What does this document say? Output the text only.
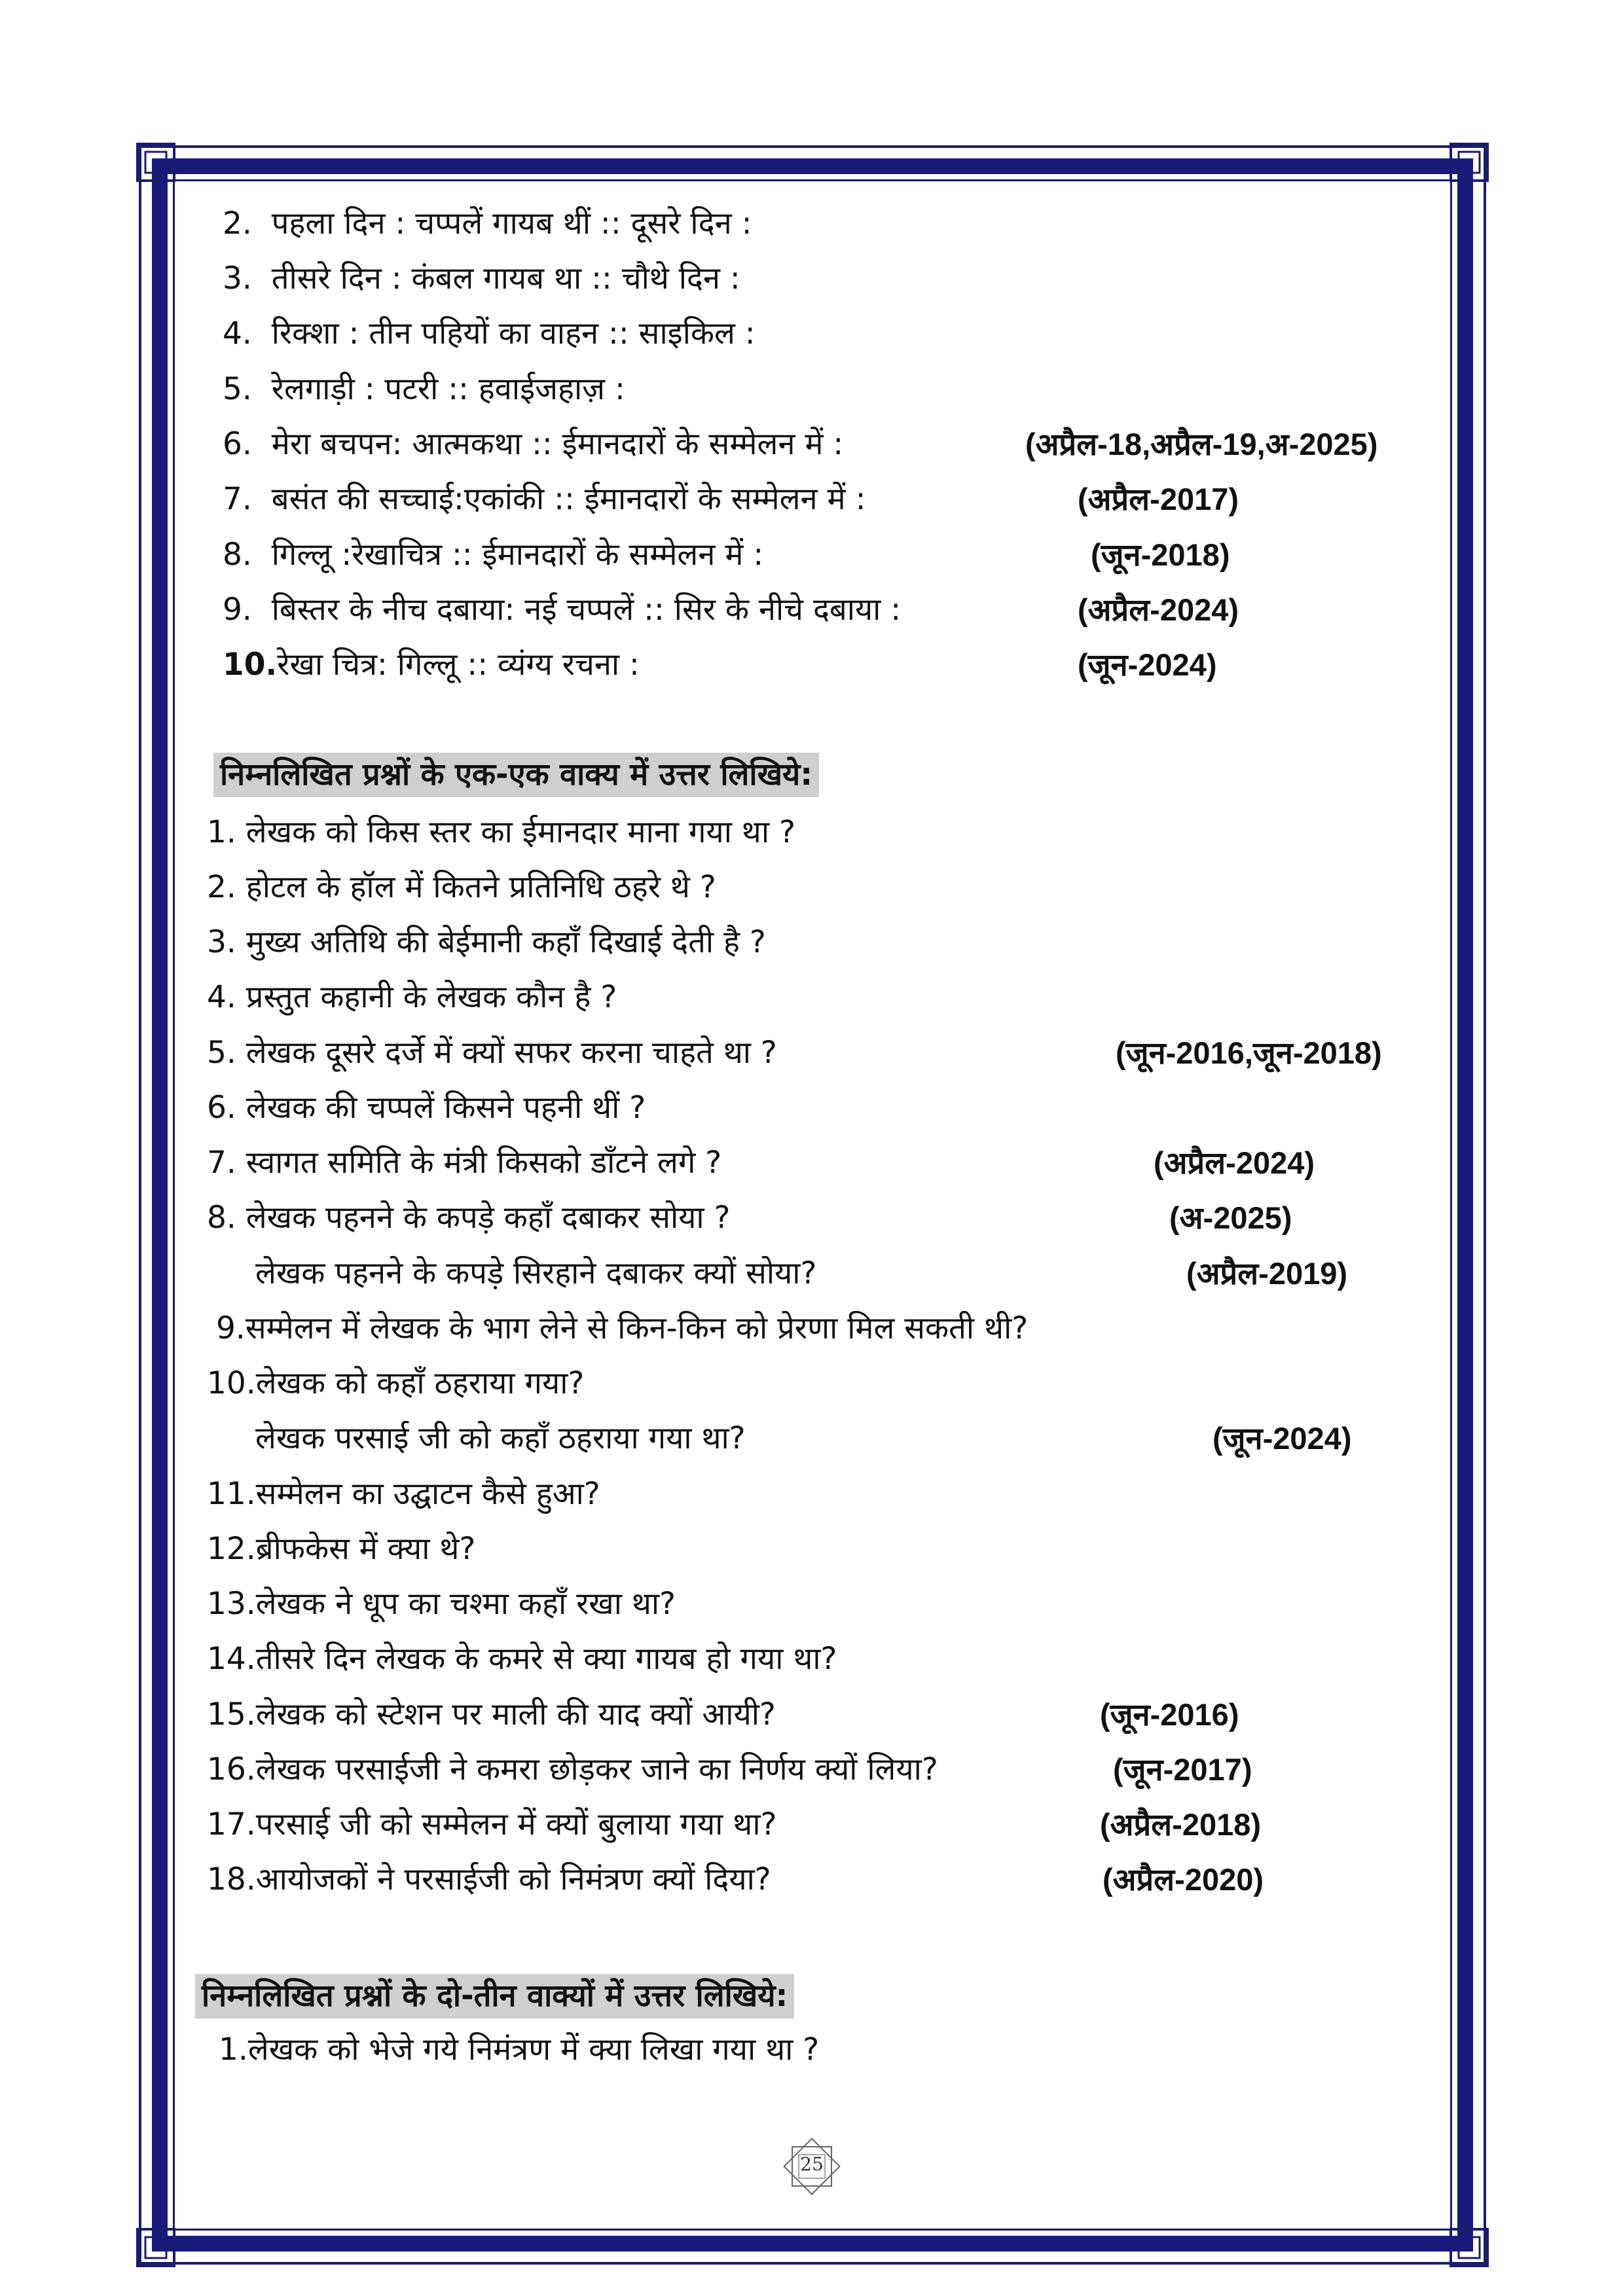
2. पहला दिन : चप्पलें गायब थीं :: दूसरे दिन :
3. तीसरे दिन : कंबल गायब था :: चौथे दिन :
4. रिक्शा : तीन पहियों का वाहन :: साइकिल :
5. रेलगाड़ी : पटरी :: हवाईजहाज़ :
6. मेरा बचपन: आत्मकथा :: ईमानदारों के सम्मेलन में :	(अप्रैल-18,अप्रैल-19,अ-2025)
7. बसंत की सच्चाई:एकांकी :: ईमानदारों के सम्मेलन में :	(अप्रैल-2017)
8. गिल्लू :रेखाचित्र :: ईमानदारों के सम्मेलन में :	(जून-2018)
9. बिस्तर के नीच दबाया: नई चप्पलें :: सिर के नीचे दबाया :	(अप्रैल-2024)
10.रेखा चित्र: गिल्लू :: व्यंग्य रचना :	(जून-2024)
निम्नलिखित प्रश्नों के एक-एक वाक्य में उत्तर लिखिये:
1. लेखक को किस स्तर का ईमानदार माना गया था ?
2. होटल के हॉल में कितने प्रतिनिधि ठहरे थे ?
3. मुख्य अतिथि की बेईमानी कहाँ दिखाई देती है ?
4. प्रस्तुत कहानी के लेखक कौन है ?
5. लेखक दूसरे दर्जे में क्यों सफर करना चाहते था ?	(जून-2016,जून-2018)
6. लेखक की चप्पलें किसने पहनी थीं ?
7. स्वागत समिति के मंत्री किसको डाँटने लगे ?	(अप्रैल-2024)
8. लेखक पहनने के कपड़े कहाँ दबाकर सोया ?	(अ-2025)
लेखक पहनने के कपड़े सिरहाने दबाकर क्यों सोया?	(अप्रैल-2019)
9.सम्मेलन में लेखक के भाग लेने से किन-किन को प्रेरणा मिल सकती थी?
10.लेखक को कहाँ ठहराया गया?
लेखक परसाई जी को कहाँ ठहराया गया था?	(जून-2024)
11.सम्मेलन का उद्घाटन कैसे हुआ?
12.ब्रीफकेस में क्या थे?
13.लेखक ने धूप का चश्मा कहाँ रखा था?
14.तीसरे दिन लेखक के कमरे से क्या गायब हो गया था?
15.लेखक को स्टेशन पर माली की याद क्यों आयी?	(जून-2016)
16.लेखक परसाईजी ने कमरा छोड़कर जाने का निर्णय क्यों लिया?	(जून-2017)
17.परसाई जी को सम्मेलन में क्यों बुलाया गया था?	(अप्रैल-2018)
18.आयोजकों ने परसाईजी को निमंत्रण क्यों दिया?	(अप्रैल-2020)
निम्नलिखित प्रश्नों के दो-तीन वाक्यों में उत्तर लिखिये:
1.लेखक को भेजे गये निमंत्रण में क्या लिखा गया था ?
25
